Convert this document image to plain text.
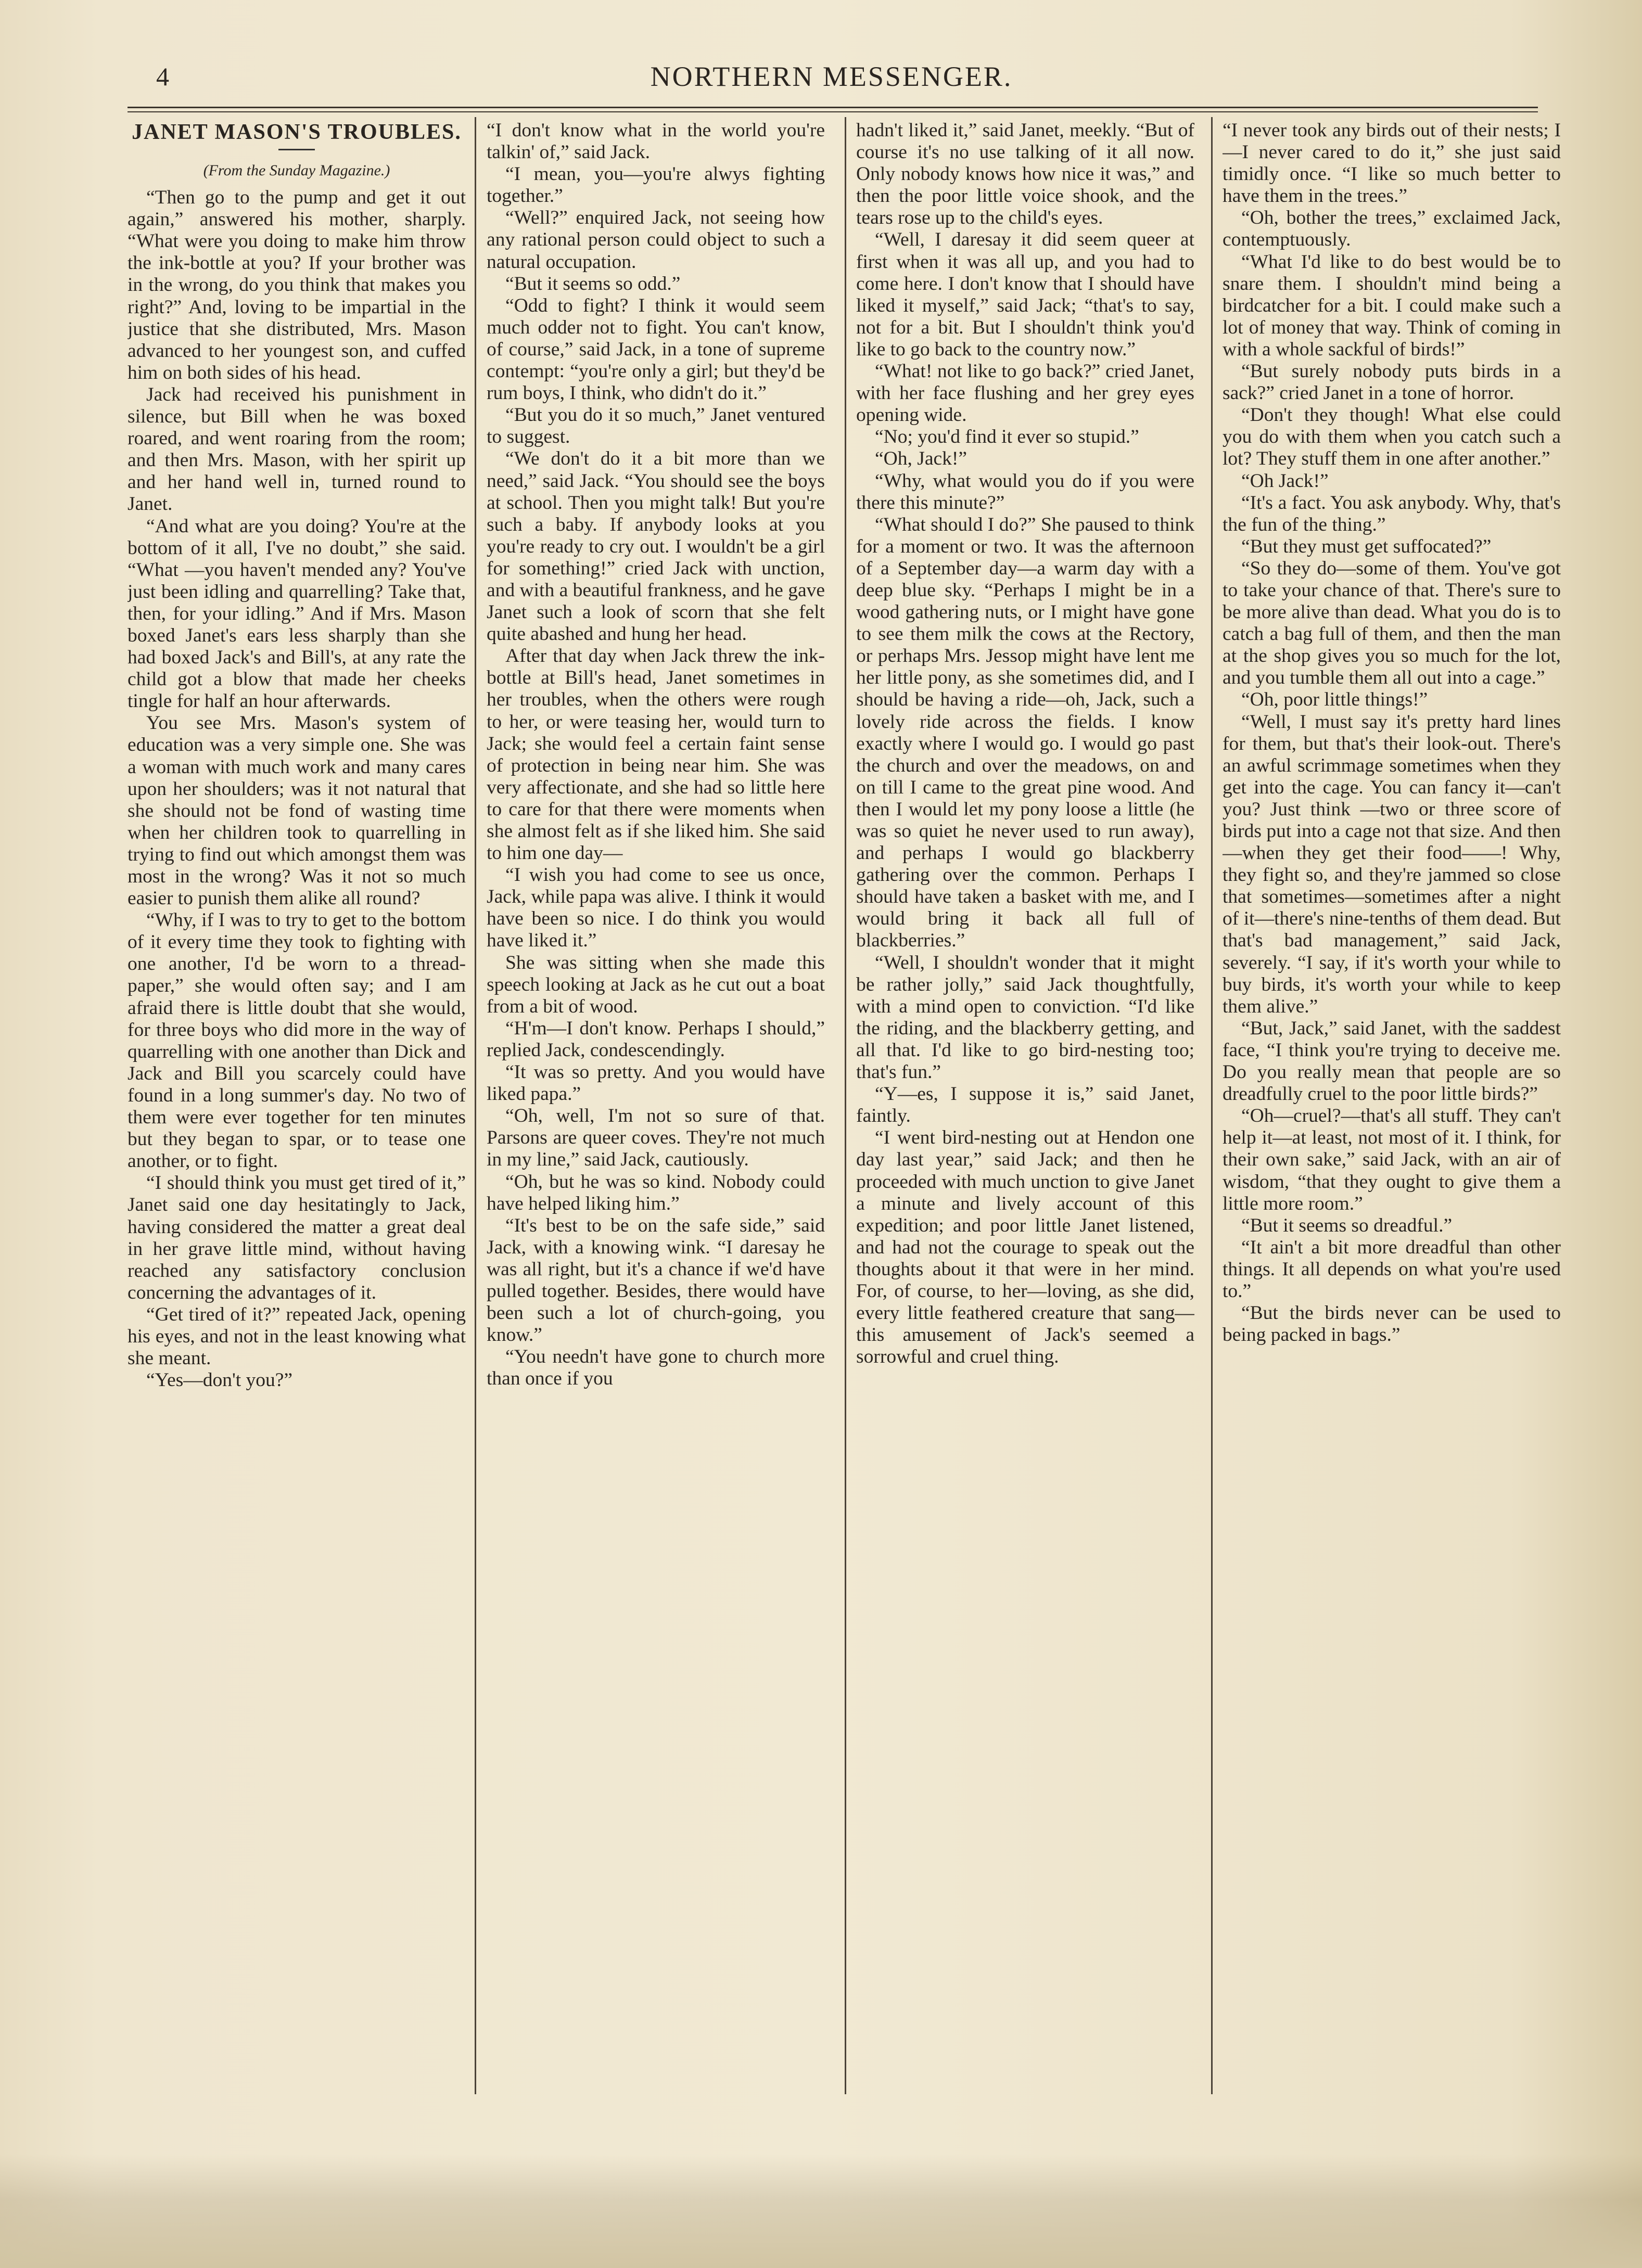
4	NORTHERN MESSENGER.
JANET MASON'S TROUBLES.
(From the Sunday Magazine.)

“Then go to the pump and get it out again,” answered his mother, sharply. “What were you doing to make him throw the ink-bottle at you? If your brother was in the wrong, do you think that makes you right?” And, loving to be impartial in the justice that she distributed, Mrs. Mason advanced to her youngest son, and cuffed him on both sides of his head.

Jack had received his punishment in silence, but Bill when he was boxed roared, and went roaring from the room; and then Mrs. Mason, with her spirit up and her hand well in, turned round to Janet.

“And what are you doing? You're at the bottom of it all, I've no doubt,” she said. “What —you haven't mended any? You've just been idling and quarrelling? Take that, then, for your idling.” And if Mrs. Mason boxed Janet's ears less sharply than she had boxed Jack's and Bill's, at any rate the child got a blow that made her cheeks tingle for half an hour afterwards.

You see Mrs. Mason's system of education was a very simple one. She was a woman with much work and many cares upon her shoulders; was it not natural that she should not be fond of wasting time when her children took to quarrelling in trying to find out which amongst them was most in the wrong? Was it not so much easier to punish them alike all round?

“Why, if I was to try to get to the bottom of it every time they took to fighting with one another, I'd be worn to a thread-paper,” she would often say; and I am afraid there is little doubt that she would, for three boys who did more in the way of quarrelling with one another than Dick and Jack and Bill you scarcely could have found in a long summer's day. No two of them were ever together for ten minutes but they began to spar, or to tease one another, or to fight.

“I should think you must get tired of it,” Janet said one day hesitatingly to Jack, having considered the matter a great deal in her grave little mind, without having reached any satisfactory conclusion concerning the advantages of it.

“Get tired of it?” repeated Jack, opening his eyes, and not in the least knowing what she meant.

“Yes—don't you?”

“I don't know what in the world you're talkin' of,” said Jack.

“I mean, you—you're alwys fighting together.”

“Well?” enquired Jack, not seeing how any rational person could object to such a natural occupation.

“But it seems so odd.”

“Odd to fight? I think it would seem much odder not to fight. You can't know, of course,” said Jack, in a tone of supreme contempt: “you're only a girl; but they'd be rum boys, I think, who didn't do it.”

“But you do it so much,” Janet ventured to suggest.

“We don't do it a bit more than we need,” said Jack. “You should see the boys at school. Then you might talk! But you're such a baby. If anybody looks at you you're ready to cry out. I wouldn't be a girl for something!” cried Jack with unction, and with a beautiful frankness, and he gave Janet such a look of scorn that she felt quite abashed and hung her head.

After that day when Jack threw the ink-bottle at Bill's head, Janet sometimes in her troubles, when the others were rough to her, or were teasing her, would turn to Jack; she would feel a certain faint sense of protection in being near him. She was very affectionate, and she had so little here to care for that there were moments when she almost felt as if she liked him. She said to him one day—

“I wish you had come to see us once, Jack, while papa was alive. I think it would have been so nice. I do think you would have liked it.”

She was sitting when she made this speech looking at Jack as he cut out a boat from a bit of wood.

“H'm—I don't know. Perhaps I should,” replied Jack, condescendingly.

“It was so pretty. And you would have liked papa.”

“Oh, well, I'm not so sure of that. Parsons are queer coves. They're not much in my line,” said Jack, cautiously.

“Oh, but he was so kind. Nobody could have helped liking him.”

“It's best to be on the safe side,” said Jack, with a knowing wink. “I daresay he was all right, but it's a chance if we'd have pulled together. Besides, there would have been such a lot of church-going, you know.”

“You needn't have gone to church more than once if you

hadn't liked it,” said Janet, meekly. “But of course it's no use talking of it all now. Only nobody knows how nice it was,” and then the poor little voice shook, and the tears rose up to the child's eyes.

“Well, I daresay it did seem queer at first when it was all up, and you had to come here. I don't know that I should have liked it myself,” said Jack; “that's to say, not for a bit. But I shouldn't think you'd like to go back to the country now.”

“What! not like to go back?” cried Janet, with her face flushing and her grey eyes opening wide.

“No; you'd find it ever so stupid.”

“Oh, Jack!”

“Why, what would you do if you were there this minute?”

“What should I do?” She paused to think for a moment or two. It was the afternoon of a September day—a warm day with a deep blue sky. “Perhaps I might be in a wood gathering nuts, or I might have gone to see them milk the cows at the Rectory, or perhaps Mrs. Jessop might have lent me her little pony, as she sometimes did, and I should be having a ride—oh, Jack, such a lovely ride across the fields. I know exactly where I would go. I would go past the church and over the meadows, on and on till I came to the great pine wood. And then I would let my pony loose a little (he was so quiet he never used to run away), and perhaps I would go blackberry gathering over the common. Perhaps I should have taken a basket with me, and I would bring it back all full of blackberries.”

“Well, I shouldn't wonder that it might be rather jolly,” said Jack thoughtfully, with a mind open to conviction. “I'd like the riding, and the blackberry getting, and all that. I'd like to go bird-nesting too; that's fun.”

“Y—es, I suppose it is,” said Janet, faintly.

“I went bird-nesting out at Hendon one day last year,” said Jack; and then he proceeded with much unction to give Janet a minute and lively account of this expedition; and poor little Janet listened, and had not the courage to speak out the thoughts about it that were in her mind. For, of course, to her—loving, as she did, every little feathered creature that sang—this amusement of Jack's seemed a sorrowful and cruel thing.

“I never took any birds out of their nests; I—I never cared to do it,” she just said timidly once. “I like so much better to have them in the trees.”

“Oh, bother the trees,” exclaimed Jack, contemptuously.

“What I'd like to do best would be to snare them. I shouldn't mind being a birdcatcher for a bit. I could make such a lot of money that way. Think of coming in with a whole sackful of birds!”

“But surely nobody puts birds in a sack?” cried Janet in a tone of horror.

“Don't they though! What else could you do with them when you catch such a lot? They stuff them in one after another.”

“Oh Jack!”

“It's a fact. You ask anybody. Why, that's the fun of the thing.”

“But they must get suffocated?”

“So they do—some of them. You've got to take your chance of that. There's sure to be more alive than dead. What you do is to catch a bag full of them, and then the man at the shop gives you so much for the lot, and you tumble them all out into a cage.”

“Oh, poor little things!”

“Well, I must say it's pretty hard lines for them, but that's their look-out. There's an awful scrimmage sometimes when they get into the cage. You can fancy it—can't you? Just think —two or three score of birds put into a cage not that size. And then—when they get their food——! Why, they fight so, and they're jammed so close that sometimes—sometimes after a night of it—there's nine-tenths of them dead. But that's bad management,” said Jack, severely. “I say, if it's worth your while to buy birds, it's worth your while to keep them alive.”

“But, Jack,” said Janet, with the saddest face, “I think you're trying to deceive me. Do you really mean that people are so dreadfully cruel to the poor little birds?”

“Oh—cruel?—that's all stuff. They can't help it—at least, not most of it. I think, for their own sake,” said Jack, with an air of wisdom, “that they ought to give them a little more room.”

“But it seems so dreadful.”

“It ain't a bit more dreadful than other things. It all depends on what you're used to.”

“But the birds never can be used to being packed in bags.”
